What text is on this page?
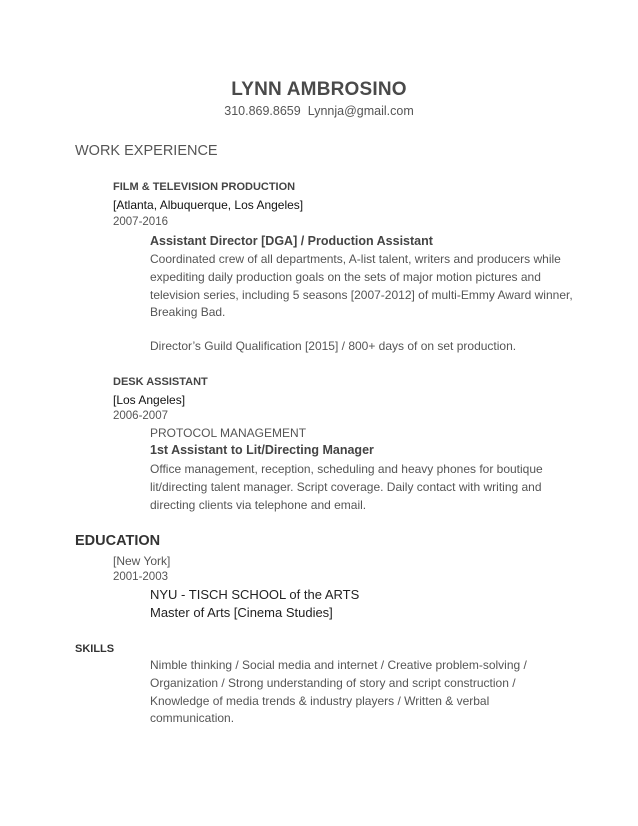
LYNN AMBROSINO
310.869.8659 Lynnja@gmail.com
WORK EXPERIENCE
FILM & TELEVISION PRODUCTION
[Atlanta, Albuquerque, Los Angeles]
2007-2016
Assistant Director [DGA] / Production Assistant
Coordinated crew of all departments, A-list talent, writers and producers while
expediting daily production goals on the sets of major motion pictures and
television series, including 5 seasons [2007-2012] of multi-Emmy Award winner,
Breaking Bad.
Director’s Guild Qualification [2015] / 800+ days of on set production.
DESK ASSISTANT
[Los Angeles]
2006-2007
PROTOCOL MANAGEMENT
1st Assistant to Lit/Directing Manager
Office management, reception, scheduling and heavy phones for boutique
lit/directing talent manager. Script coverage. Daily contact with writing and
directing clients via telephone and email.
EDUCATION
[New York]
2001-2003
NYU - TISCH SCHOOL of the ARTS
Master of Arts [Cinema Studies]
SKILLS
Nimble thinking / Social media and internet / Creative problem-solving /
Organization / Strong understanding of story and script construction /
Knowledge of media trends & industry players / Written & verbal
communication.
